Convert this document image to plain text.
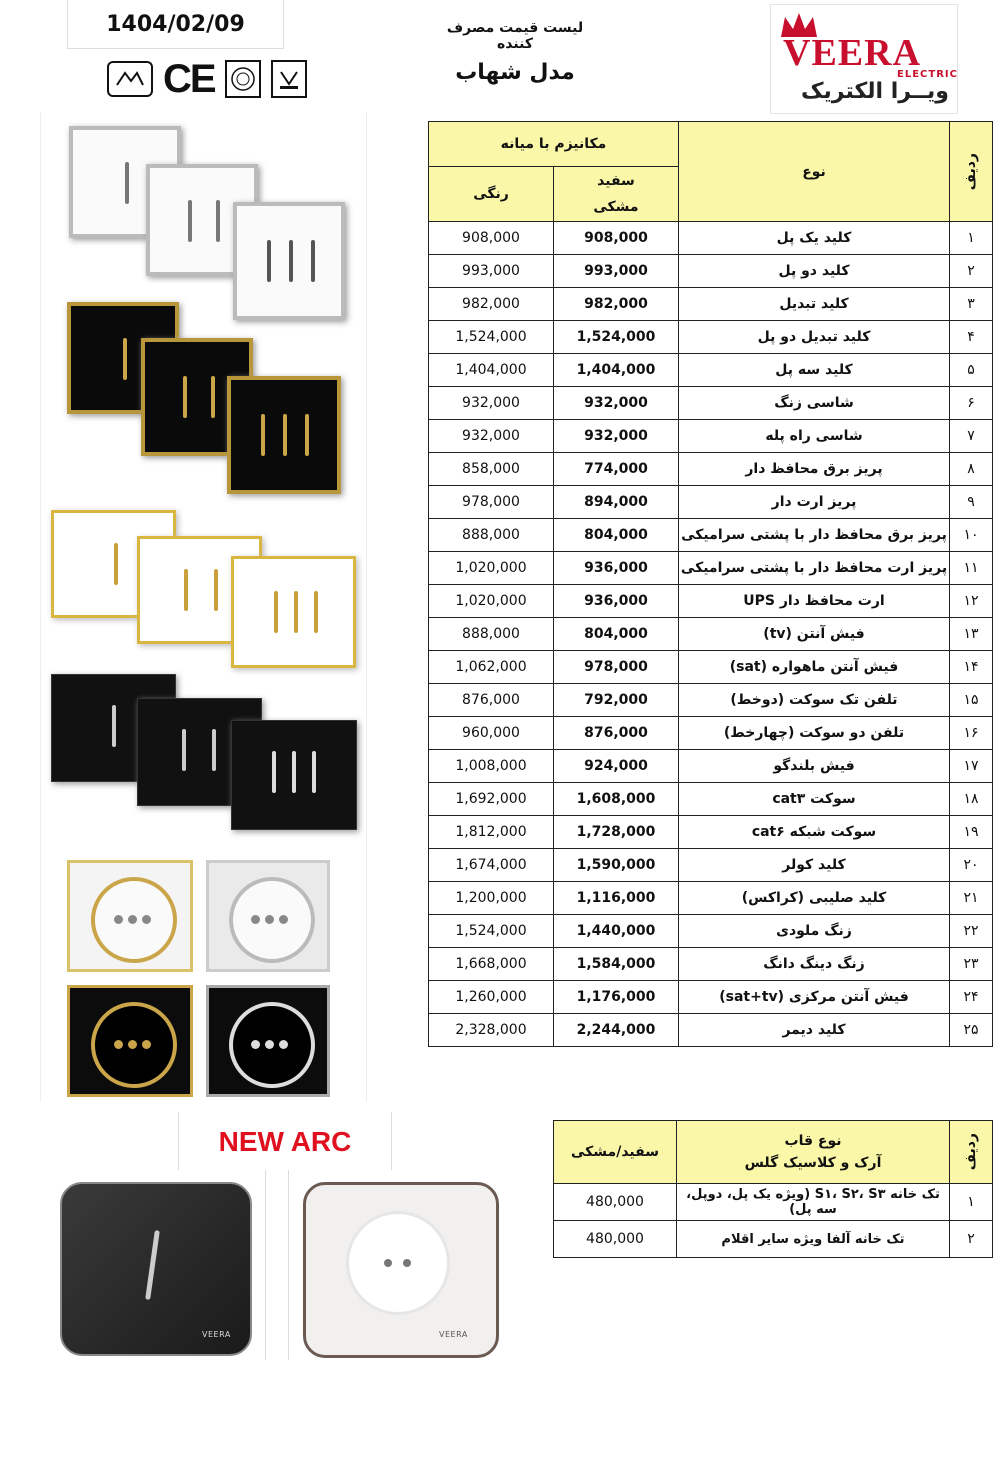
1404/02/09
CE
لیست قیمت مصرف کننده
مدل شهاب	VEERA
ELECTRIC
ویــرا الکتریک
ردیف	نوع	مکانیزم با میانه	

		سفید
مشکی	رنگی
۱	کلید یک پل	908,000	908,000
۲	کلید دو پل	993,000	993,000
۳	کلید تبدیل	982,000	982,000
۴	کلید تبدیل دو پل	1,524,000	1,524,000
۵	کلید سه پل	1,404,000	1,404,000
۶	شاسی زنگ	932,000	932,000
۷	شاسی راه پله	932,000	932,000
۸	پریز برق محافظ دار	774,000	858,000
۹	پریز ارت دار	894,000	978,000
۱۰	پریز برق محافظ دار با پشتی سرامیکی	804,000	888,000
۱۱	پریز ارت محافظ دار با پشتی سرامیکی	936,000	1,020,000
۱۲	ارت محافظ دار UPS	936,000	1,020,000
۱۳	فیش آنتن (tv)	804,000	888,000
۱۴	فیش آنتن ماهواره (sat)	978,000	1,062,000
۱۵	تلفن تک سوکت (دوخط)	792,000	876,000
۱۶	تلفن دو سوکت (چهارخط)	876,000	960,000
۱۷	فیش بلندگو	924,000	1,008,000
۱۸	سوکت cat۳	1,608,000	1,692,000
۱۹	سوکت شبکه cat۶	1,728,000	1,812,000
۲۰	کلید کولر	1,590,000	1,674,000
۲۱	کلید صلیبی (کراکس)	1,116,000	1,200,000
۲۲	زنگ ملودی	1,440,000	1,524,000
۲۳	زنگ دینگ دانگ	1,584,000	1,668,000
۲۴	فیش آنتن مرکزی (sat+tv)	1,176,000	1,260,000
۲۵	کلید دیمر	2,244,000	2,328,000
ردیف	نوع قاب
آرک و کلاسیک گلس	سفید/مشکی
۱	تک خانه S۱، S۲، S۳ (ویژه یک پل، دوپل، سه پل)	480,000
۲	تک خانه آلفا ویژه سایر اقلام	480,000
NEW ARC
VEERA	VEERA
